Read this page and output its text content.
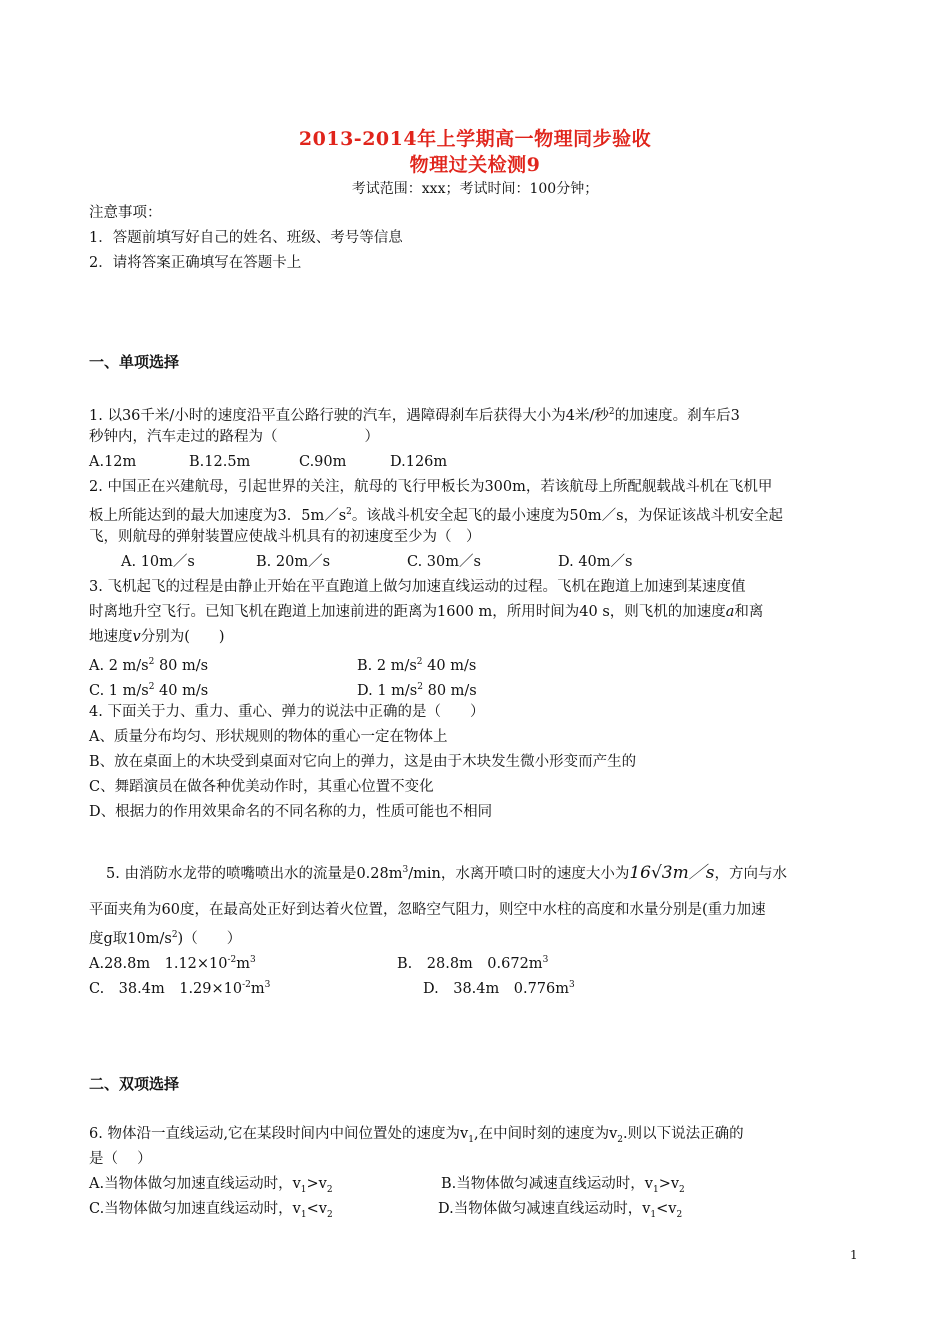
2013-2014年上学期高一物理同步验收
物理过关检测9
考试范围：xxx；考试时间：100分钟；
注意事项：
1．答题前填写好自己的姓名、班级、考号等信息
2．请将答案正确填写在答题卡上
一、单项选择
1. 以36千米/小时的速度沿平直公路行驶的汽车，遇障碍刹车后获得大小为4米/秒$^2$的加速度。刹车后3
秒钟内，汽车走过的路程为（　　　　　　）
A.12m	B.12.5m	C.90m	D.126m
2. 中国正在兴建航母，引起世界的关注，航母的飞行甲板长为300m，若该航母上所配舰载战斗机在飞机甲
板上所能达到的最大加速度为3．$5m/s^2$。该战斗机安全起飞的最小速度为50m／s，为保证该战斗机安全起
飞，则航母的弹射装置应使战斗机具有的初速度至少为（　）
A. 10m／s	B. 20m／s	C. 30m／s	D. 40m／s
3. 飞机起飞的过程是由静止开始在平直跑道上做匀加速直线运动的过程。飞机在跑道上加速到某速度值
时离地升空飞行。已知飞机在跑道上加速前进的距离为1600 m，所用时间为40 s，则飞机的加速度a和离
地速度v分别为(　　)
A. 2 $m/s^2$ 80 m/s	B. 2 $m/s^2$ 40 m/s
C. 1 $m/s^2$ 40 m/s	D. 1 $m/s^2$ 80 m/s
4. 下面关于力、重力、重心、弹力的说法中正确的是（　　）
A、质量分布均匀、形状规则的物体的重心一定在物体上
B、放在桌面上的木块受到桌面对它向上的弹力，这是由于木块发生微小形变而产生的
C、舞蹈演员在做各种优美动作时，其重心位置不变化
D、根据力的作用效果命名的不同名称的力，性质可能也不相同
5. 由消防水龙带的喷嘴喷出水的流量是$0.28m^3/\min$，水离开喷口时的速度大小为16√3m／s，方向与水
平面夹角为60度，在最高处正好到达着火位置，忽略空气阻力，则空中水柱的高度和水量分别是(重力加速
度g取$10m/s^2$)（　　）
A.28.8m　$1.12\times 10^{-2}m^3$	B.　28.8m　$0.672m^3$
C.　38.4m　$1.29\times 10^{-2}m^3$	D.　38.4m　$0.776m^3$
二、双项选择
6. 物体沿一直线运动,它在某段时间内中间位置处的速度为$v_1$,在中间时刻的速度为$v_2$.则以下说法正确的
是（　 ）
A.当物体做匀加速直线运动时，$v_1>v_2$	B.当物体做匀减速直线运动时，$v_1>v_2$
C.当物体做匀加速直线运动时，$v_1<v_2$	D.当物体做匀减速直线运动时，$v_1<v_2$
1
